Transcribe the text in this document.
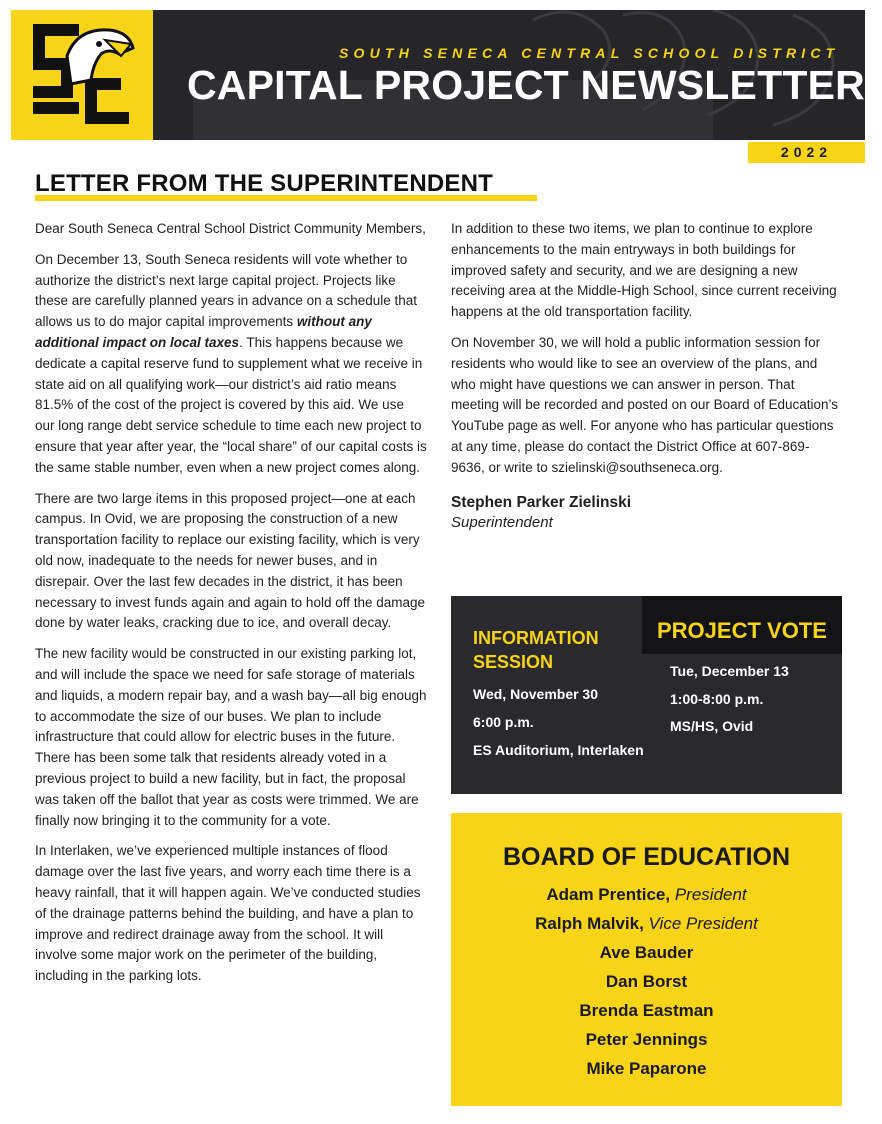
SOUTH SENECA CENTRAL SCHOOL DISTRICT
CAPITAL PROJECT NEWSLETTER
2022
LETTER FROM THE SUPERINTENDENT

Dear South Seneca Central School District Community Members,

On December 13, South Seneca residents will vote whether to authorize the district’s next large capital project. Projects like these are carefully planned years in advance on a schedule that allows us to do major capital improvements without any additional impact on local taxes. This happens because we dedicate a capital reserve fund to supplement what we receive in state aid on all qualifying work—our district’s aid ratio means 81.5% of the cost of the project is covered by this aid. We use our long range debt service schedule to time each new project to ensure that year after year, the “local share” of our capital costs is the same stable number, even when a new project comes along.

There are two large items in this proposed project—one at each campus. In Ovid, we are proposing the construction of a new transportation facility to replace our existing facility, which is very old now, inadequate to the needs for newer buses, and in disrepair. Over the last few decades in the district, it has been necessary to invest funds again and again to hold off the damage done by water leaks, cracking due to ice, and overall decay.

The new facility would be constructed in our existing parking lot, and will include the space we need for safe storage of materials and liquids, a modern repair bay, and a wash bay—all big enough to accommodate the size of our buses. We plan to include infrastructure that could allow for electric buses in the future. There has been some talk that residents already voted in a previous project to build a new facility, but in fact, the proposal was taken off the ballot that year as costs were trimmed. We are finally now bringing it to the community for a vote.

In Interlaken, we’ve experienced multiple instances of flood damage over the last five years, and worry each time there is a heavy rainfall, that it will happen again. We’ve conducted studies of the drainage patterns behind the building, and have a plan to improve and redirect drainage away from the school. It will involve some major work on the perimeter of the building, including in the parking lots.

In addition to these two items, we plan to continue to explore enhancements to the main entryways in both buildings for improved safety and security, and we are designing a new receiving area at the Middle-High School, since current receiving happens at the old transportation facility.

On November 30, we will hold a public information session for residents who would like to see an overview of the plans, and who might have questions we can answer in person. That meeting will be recorded and posted on our Board of Education’s YouTube page as well. For anyone who has particular questions at any time, please do contact the District Office at 607-869-9636, or write to szielinski@southseneca.org.

Stephen Parker Zielinski
Superintendent
INFORMATION
SESSION
Wed, November 30
6:00 p.m.
ES Auditorium, Interlaken
PROJECT VOTE
Tue, December 13
1:00-8:00 p.m.
MS/HS, Ovid
BOARD OF EDUCATION
Adam Prentice, President
Ralph Malvik, Vice President
Ave Bauder
Dan Borst
Brenda Eastman
Peter Jennings
Mike Paparone
